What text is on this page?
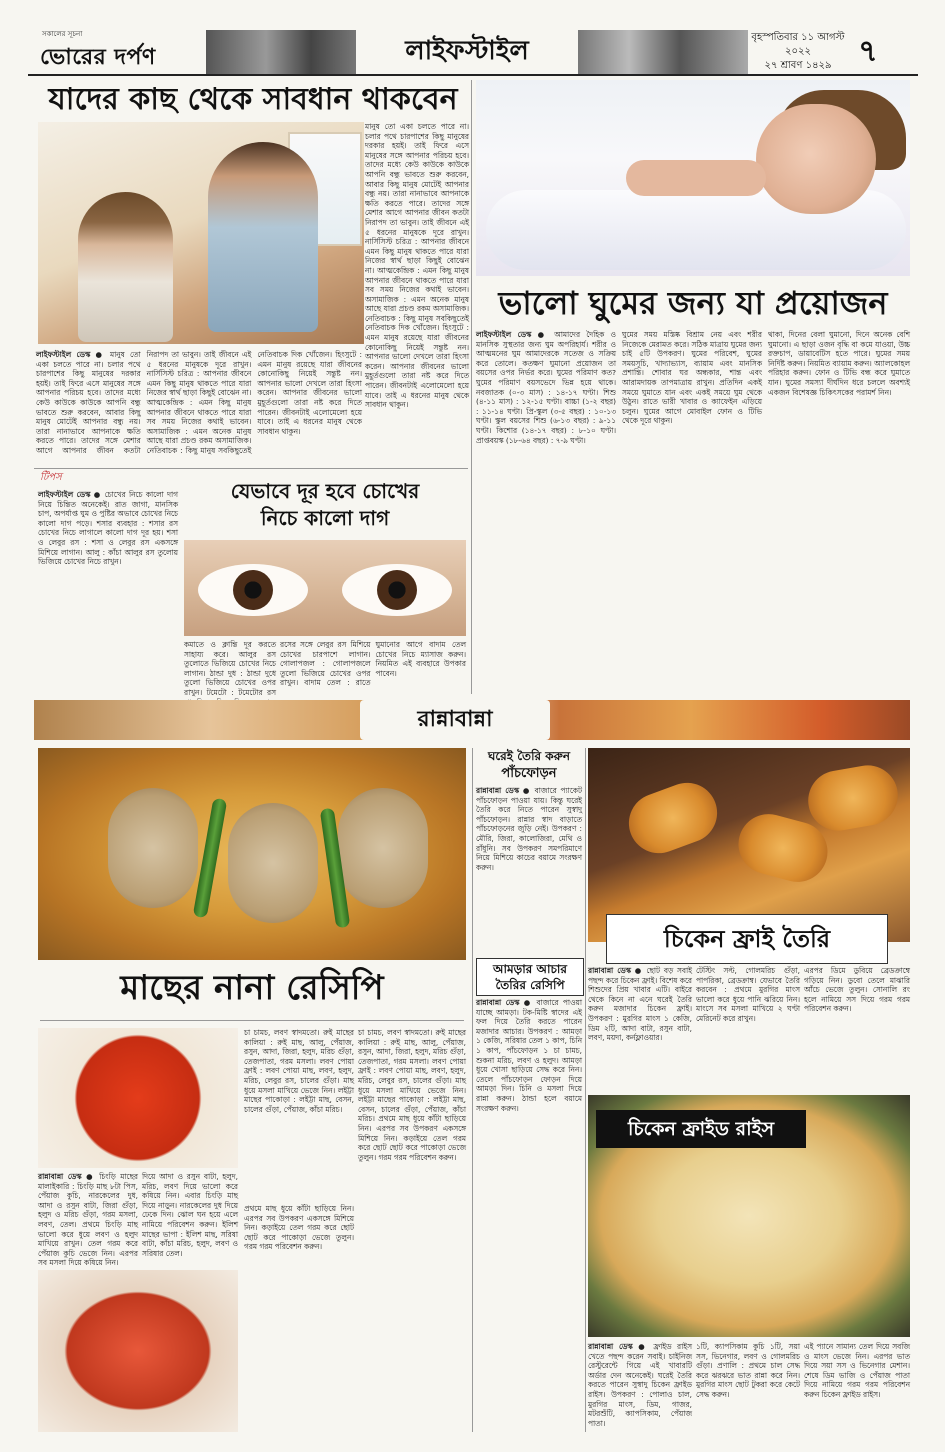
সকালের সূচনা
ভোরের দর্পণ	লাইফস্টাইল	বৃহস্পতিবার ১১ আগস্ট ২০২২
২৭ শ্রাবণ ১৪২৯ ৭
যাদের কাছ থেকে সাবধান থাকবেন
মানুষ তো একা চলতে পারে না। চলার পথে চারপাশের কিছু মানুষের দরকার হয়ই। তাই ফিরে এসে মানুষের সঙ্গে আপনার পরিচয় হবে। তাদের মধ্যে কেউ কাউকে কাউকে আপনি বন্ধু ভাবতে শুরু করবেন, আবার কিছু মানুষ মোটেই আপনার বন্ধু নয়। তারা নানাভাবে আপনাকে ক্ষতি করতে পারে। তাদের সঙ্গে মেশার আগে আপনার জীবন কতটা নিরাপদ তা ভাবুন। তাই জীবনে এই ৫ ধরনের মানুষকে দূরে রাখুন। নার্সিসিস্ট চরিত্র : আপনার জীবনে এমন কিছু মানুষ থাকতে পারে যারা নিজের স্বার্থ ছাড়া কিছুই বোঝেন না। আত্মকেন্দ্রিক : এমন কিছু মানুষ আপনার জীবনে থাকতে পারে যারা সব সময় নিজের কথাই ভাবেন। অসামাজিক : এমন অনেক মানুষ আছে যারা প্রচণ্ড রকম অসামাজিক। নেতিবাচক : কিছু মানুষ সবকিছুতেই নেতিবাচক দিক খোঁজেন। হিংসুটে : এমন মানুষ রয়েছে যারা জীবনের কোনোকিছু নিয়েই সন্তুষ্ট নন। আপনার ভালো দেখলে তারা হিংসা করেন। আপনার জীবনের ভালো মুহূর্তগুলো তারা নষ্ট করে দিতে পারেন। জীবনটাই এলোমেলো হয়ে যাবে। তাই এ ধরনের মানুষ থেকে সাবধান থাকুন।
লাইফস্টাইল ডেস্ক ● মানুষ তো একা চলতে পারে না। চলার পথে চারপাশের কিছু মানুষের দরকার হয়ই। তাই ফিরে এসে মানুষের সঙ্গে আপনার পরিচয় হবে। তাদের মধ্যে কেউ কাউকে কাউকে আপনি বন্ধু ভাবতে শুরু করবেন, আবার কিছু মানুষ মোটেই আপনার বন্ধু নয়। তারা নানাভাবে আপনাকে ক্ষতি করতে পারে। তাদের সঙ্গে মেশার আগে আপনার জীবন কতটা নিরাপদ তা ভাবুন। তাই জীবনে এই ৫ ধরনের মানুষকে দূরে রাখুন। নার্সিসিস্ট চরিত্র : আপনার জীবনে এমন কিছু মানুষ থাকতে পারে যারা নিজের স্বার্থ ছাড়া কিছুই বোঝেন না। আত্মকেন্দ্রিক : এমন কিছু মানুষ আপনার জীবনে থাকতে পারে যারা সব সময় নিজের কথাই ভাবেন। অসামাজিক : এমন অনেক মানুষ আছে যারা প্রচণ্ড রকম অসামাজিক। নেতিবাচক : কিছু মানুষ সবকিছুতেই নেতিবাচক দিক খোঁজেন। হিংসুটে : এমন মানুষ রয়েছে যারা জীবনের কোনোকিছু নিয়েই সন্তুষ্ট নন। আপনার ভালো দেখলে তারা হিংসা করেন। আপনার জীবনের ভালো মুহূর্তগুলো তারা নষ্ট করে দিতে পারেন। জীবনটাই এলোমেলো হয়ে যাবে। তাই এ ধরনের মানুষ থেকে সাবধান থাকুন।
ভালো ঘুমের জন্য যা প্রয়োজন
লাইফস্টাইল ডেস্ক ● আমাদের দৈহিক ও মানসিক সুস্থতার জন্য ঘুম অপরিহার্য। শরীর ও আত্মমনের ঘুম আমাদেরকে সতেজ ও সক্রিয় করে তোলে। কতক্ষণ ঘুমানো প্রয়োজন তা বয়সের ওপর নির্ভর করে। ঘুমের পরিমাণ কত? ঘুমের পরিমাণ বয়সভেদে ভিন্ন হয়ে থাকে। নবজাতক (০-৩ মাস) : ১৪-১৭ ঘণ্টা। শিশু (৪-১১ মাস) : ১২-১৫ ঘণ্টা। বাচ্চা (১-২ বছর) : ১১-১৪ ঘণ্টা। প্রি-স্কুল (৩-৫ বছর) : ১০-১৩ ঘণ্টা। স্কুল বয়সের শিশু (৬-১৩ বছর) : ৯-১১ ঘণ্টা। কিশোর (১৪-১৭ বছর) : ৮-১০ ঘণ্টা। প্রাপ্তবয়স্ক (১৮-৬৪ বছর) : ৭-৯ ঘণ্টা।
ঘুমের সময় মস্তিষ্ক বিশ্রাম নেয় এবং শরীর নিজেকে মেরামত করে। সঠিক মাত্রায় ঘুমের জন্য চাই ৫টি উপকরণ। ঘুমের পরিবেশ, ঘুমের সময়সূচি, খাদ্যাভ্যাস, ব্যায়াম এবং মানসিক প্রশান্তি। শোবার ঘর অন্ধকার, শান্ত এবং আরামদায়ক তাপমাত্রায় রাখুন। প্রতিদিন একই সময়ে ঘুমাতে যান এবং একই সময়ে ঘুম থেকে উঠুন। রাতে ভারী খাবার ও ক্যাফেইন এড়িয়ে চলুন। ঘুমের আগে মোবাইল ফোন ও টিভি থেকে দূরে থাকুন।
থাকা, দিনের বেলা ঘুমানো, দিনে অনেক বেশি ঘুমানো। এ ছাড়া ওজন বৃদ্ধি বা কমে যাওয়া, উচ্চ রক্তচাপ, ডায়াবেটিস হতে পারে। ঘুমের সময় নির্দিষ্ট করুন। নিয়মিত ব্যায়াম করুন। অ্যালকোহল পরিহার করুন। ফোন ও টিভি বন্ধ করে ঘুমাতে যান। ঘুমের সমস্যা দীর্ঘদিন ধরে চললে অবশ্যই একজন বিশেষজ্ঞ চিকিৎসকের পরামর্শ নিন।
টিপস
লাইফস্টাইল ডেস্ক ● চোখের নিচে কালো দাগ নিয়ে চিন্তিত অনেকেই। রাত জাগা, মানসিক চাপ, অপর্যাপ্ত ঘুম ও পুষ্টির অভাবে চোখের নিচে কালো দাগ পড়ে। শসার ব্যবহার : শসার রস চোখের নিচে লাগালে কালো দাগ দূর হয়। শসা ও লেবুর রস : শসা ও লেবুর রস একসঙ্গে মিশিয়ে লাগান। আলু : কাঁচা আলুর রস তুলোয় ভিজিয়ে চোখের নিচে রাখুন।
যেভাবে দূর হবে চোখের
নিচে কালো দাগ
কমাতে ও ক্লান্তি দূর করতে সাহায্য করে। আলুর রস তুলোতে ভিজিয়ে চোখের নিচে লাগান। ঠান্ডা দুধ : ঠান্ডা দুধে তুলো ভিজিয়ে চোখের ওপর রাখুন। টমেটো : টমেটোর রস
রসের সঙ্গে লেবুর রস মিশিয়ে চোখের চারপাশে লাগান। গোলাপজল : গোলাপজলে তুলো ভিজিয়ে চোখের ওপর রাখুন। বাদাম তেল : রাতে ঘুমানোর আগে বাদাম তেল চোখের নিচে ম্যাসাজ করুন। নিয়মিত এই ব্যবহারে উপকার পাবেন।
রান্নাবান্না
মাছের নানা রেসিপি
চা চামচ, লবণ স্বাদমতো। রুই মাছের কালিয়া : রুই মাছ, আলু, পেঁয়াজ, রসুন, আদা, জিরা, হলুদ, মরিচ গুঁড়া, তেজপাতা, গরম মসলা। লবণ পোয়া ফ্রাই : লবণ পোয়া মাছ, লবণ, হলুদ, মরিচ, লেবুর রস, চালের গুঁড়া। মাছ ধুয়ে মসলা মাখিয়ে ভেজে নিন। লইট্টা মাছের পাকোড়া : লইট্টা মাছ, বেসন, চালের গুঁড়া, পেঁয়াজ, কাঁচা মরিচ।
চা চামচ, লবণ স্বাদমতো। রুই মাছের কালিয়া : রুই মাছ, আলু, পেঁয়াজ, রসুন, আদা, জিরা, হলুদ, মরিচ গুঁড়া, তেজপাতা, গরম মসলা। লবণ পোয়া ফ্রাই : লবণ পোয়া মাছ, লবণ, হলুদ, মরিচ, লেবুর রস, চালের গুঁড়া। মাছ ধুয়ে মসলা মাখিয়ে ভেজে নিন। লইট্টা মাছের পাকোড়া : লইট্টা মাছ, বেসন, চালের গুঁড়া, পেঁয়াজ, কাঁচা মরিচ। প্রথমে মাছ ধুয়ে কাঁটা ছাড়িয়ে নিন। এরপর সব উপকরণ একসঙ্গে মিশিয়ে নিন। কড়াইয়ে তেল গরম করে ছোট ছোট করে পাকোড়া ভেজে তুলুন। গরম গরম পরিবেশন করুন।
রান্নাবান্না ডেস্ক ● চিংড়ি মাছের মালাইকারি : চিংড়ি মাছ ৮টা পিস, পেঁয়াজ কুচি, নারকেলের দুধ, আদা ও রসুন বাটা, জিরা গুঁড়া, হলুদ ও মরিচ গুঁড়া, গরম মসলা, লবণ, তেল। প্রথমে চিংড়ি মাছ ভালো করে ধুয়ে লবণ ও হলুদ মাখিয়ে রাখুন। তেল গরম করে পেঁয়াজ কুচি ভেজে নিন। এরপর সব মসলা দিয়ে কষিয়ে নিন।
দিয়ে আদা ও রসুন বাটা, হলুদ, মরিচ, লবণ দিয়ে ভালো করে কষিয়ে নিন। এবার চিংড়ি মাছ দিয়ে নাড়ুন। নারকেলের দুধ দিয়ে ঢেকে দিন। ঝোল ঘন হয়ে এলে নামিয়ে পরিবেশন করুন। ইলিশ মাছের ভাপা : ইলিশ মাছ, সরিষা বাটা, কাঁচা মরিচ, হলুদ, লবণ ও সরিষার তেল।
প্রথমে মাছ ধুয়ে কাঁটা ছাড়িয়ে নিন। এরপর সব উপকরণ একসঙ্গে মিশিয়ে নিন। কড়াইয়ে তেল গরম করে ছোট ছোট করে পাকোড়া ভেজে তুলুন। গরম গরম পরিবেশন করুন।
ঘরেই তৈরি করুন
পাঁচফোড়ন
রান্নাবান্না ডেস্ক ● বাজারে প্যাকেট পাঁচফোড়ন পাওয়া যায়। কিন্তু ঘরেই তৈরি করে নিতে পারেন সুস্বাদু পাঁচফোড়ন। রান্নার স্বাদ বাড়াতে পাঁচফোড়নের জুড়ি নেই। উপকরণ : মৌরি, জিরা, কালোজিরা, মেথি ও রাঁধুনি। সব উপকরণ সমপরিমাণে নিয়ে মিশিয়ে কাচের বয়ামে সংরক্ষণ করুন।
আমড়ার আচার
তৈরির রেসিপি
রান্নাবান্না ডেস্ক ● বাজারে পাওয়া যাচ্ছে আমড়া। টক-মিষ্টি স্বাদের এই ফল দিয়ে তৈরি করতে পারেন মজাদার আচার। উপকরণ : আমড়া ১ কেজি, সরিষার তেল ১ কাপ, চিনি ১ কাপ, পাঁচফোড়ন ১ চা চামচ, শুকনা মরিচ, লবণ ও হলুদ। আমড়া ধুয়ে খোসা ছাড়িয়ে সেদ্ধ করে নিন। তেলে পাঁচফোড়ন ফোড়ন দিয়ে আমড়া দিন। চিনি ও মসলা দিয়ে রান্না করুন। ঠান্ডা হলে বয়ামে সংরক্ষণ করুন।
চিকেন ফ্রাই তৈরি
রান্নাবান্না ডেস্ক ● ছোট বড় সবাই পছন্দ করে চিকেন ফ্রাই। বিশেষ করে শিশুদের প্রিয় খাবার এটি। বাইরে থেকে কিনে না এনে ঘরেই তৈরি করুন মজাদার চিকেন ফ্রাই। উপকরণ : মুরগির মাংস ১ কেজি, ডিম ২টি, আদা বাটা, রসুন বাটা, লবণ, ময়দা, কর্নফ্লাওয়ার।
টেস্টিং সল্ট, গোলমরিচ গুঁড়া, পাপরিকা, ব্রেডক্রাম্ব। যেভাবে তৈরি করবেন : প্রথমে মুরগির মাংস ভালো করে ধুয়ে পানি ঝরিয়ে নিন। মাংসে সব মসলা মাখিয়ে ২ ঘণ্টা মেরিনেট করে রাখুন।
এরপর ডিমে ডুবিয়ে ব্রেডক্রাম্বে গড়িয়ে নিন। ডুবো তেলে মাঝারি আঁচে ভেজে তুলুন। সোনালি রং হলে নামিয়ে সস দিয়ে গরম গরম পরিবেশন করুন।
চিকেন ফ্রাইড রাইস
রান্নাবান্না ডেস্ক ● ফ্রাইড রাইস খেতে পছন্দ করেন সবাই। চাইনিজ রেস্টুরেন্টে গিয়ে এই খাবারটি অর্ডার দেন অনেকেই। ঘরেই তৈরি করতে পারেন সুস্বাদু চিকেন ফ্রাইড রাইস। উপকরণ : পোলাও চাল, মুরগির মাংস, ডিম, গাজর, মটরশুঁটি, ক্যাপসিকাম, পেঁয়াজ পাতা।
১টি, ক্যাপসিকাম কুচি ১টি, সয়া সস, ভিনেগার, লবণ ও গোলমরিচ গুঁড়া। প্রণালি : প্রথমে চাল সেদ্ধ করে ঝরঝরে ভাত রান্না করে নিন। মুরগির মাংস ছোট টুকরা করে কেটে সেদ্ধ করুন।
এই প্যানে সামান্য তেল দিয়ে সবজি ও মাংস ভেজে নিন। এরপর ভাত দিয়ে সয়া সস ও ভিনেগার মেশান। শেষে ডিম ভাজি ও পেঁয়াজ পাতা দিয়ে নামিয়ে গরম গরম পরিবেশন করুন চিকেন ফ্রাইড রাইস।
